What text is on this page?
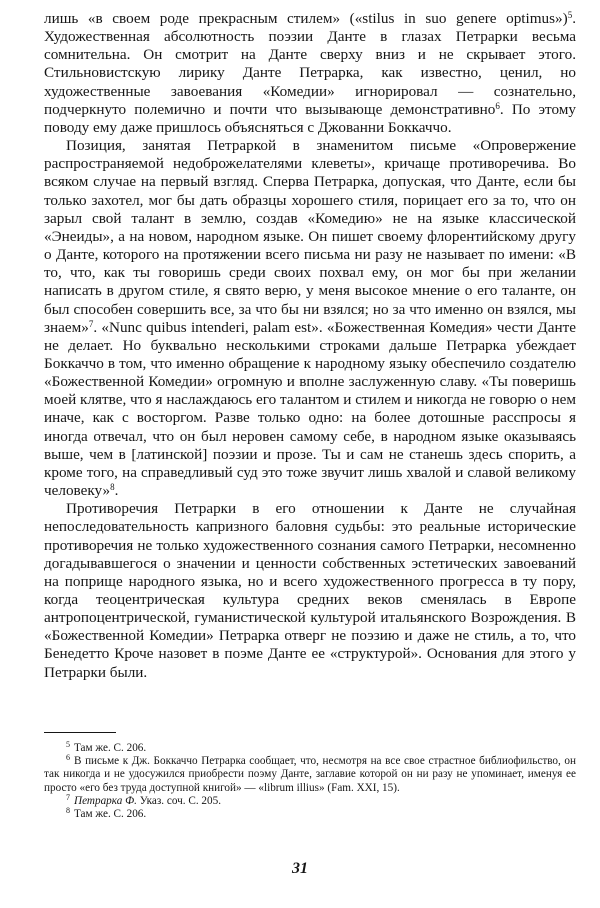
лишь «в своем роде прекрасным стилем» («stilus in suo genere optimus»)$^5$. Художественная абсолютность поэзии Данте в глазах Петрарки весьма сомнительна. Он смотрит на Данте сверху вниз и не скрывает этого. Стильновистскую лирику Данте Петрарка, как известно, ценил, но художественные завоевания «Комедии» игнорировал — сознательно, подчеркнуто полемично и почти что вызывающе демонстративно$^6$. По этому поводу ему даже пришлось объясняться с Джованни Боккаччо.

Позиция, занятая Петраркой в знаменитом письме «Опровержение распространяемой недоброжелателями клеветы», кричаще противоречива. Во всяком случае на первый взгляд. Сперва Петрарка, допуская, что Данте, если бы только захотел, мог бы дать образцы хорошего стиля, порицает его за то, что он зарыл свой талант в землю, создав «Комедию» не на языке классической «Энеиды», а на новом, народном языке. Он пишет своему флорентийскому другу о Данте, которого на протяжении всего письма ни разу не называет по имени: «В то, что, как ты говоришь среди своих похвал ему, он мог бы при желании написать в другом стиле, я свято верю, у меня высокое мнение о его таланте, он был способен совершить все, за что бы ни взялся; но за что именно он взялся, мы знаем»$^7$. «Nunc quibus intenderi, palam est». «Божественная Комедия» чести Данте не делает. Но буквально несколькими строками дальше Петрарка убеждает Боккаччо в том, что именно обращение к народному языку обеспечило создателю «Божественной Комедии» огромную и вполне заслуженную славу. «Ты поверишь моей клятве, что я наслаждаюсь его талантом и стилем и никогда не говорю о нем иначе, как с восторгом. Разве только одно: на более дотошные расспросы я иногда отвечал, что он был неровен самому себе, в народном языке оказываясь выше, чем в [латинской] поэзии и прозе. Ты и сам не станешь здесь спорить, а кроме того, на справедливый суд это тоже звучит лишь хвалой и славой великому человеку»$^8$.

Противоречия Петрарки в его отношении к Данте не случайная непоследовательность капризного баловня судьбы: это реальные исторические противоречия не только художественного сознания самого Петрарки, несомненно догадывавшегося о значении и ценности собственных эстетических завоеваний на поприще народного языка, но и всего художественного прогресса в ту пору, когда теоцентрическая культура средних веков сменялась в Европе антропоцентрической, гуманистической культурой итальянского Возрождения. В «Божественной Комедии» Петрарка отверг не поэзию и даже не стиль, а то, что Бенедетто Кроче назовет в поэме Данте ее «структурой». Основания для этого у Петрарки были.

$^5$ Там же. С. 206.

$^6$ В письме к Дж. Боккаччо Петрарка сообщает, что, несмотря на все свое страстное библиофильство, он так никогда и не удосужился приобрести поэму Данте, заглавие которой он ни разу не упоминает, именуя ее просто «его без труда доступной книгой» — «librum illius» (Fam. XXI, 15).

$^7$ Петрарка Ф. Указ. соч. С. 205.

$^8$ Там же. С. 206.

31
